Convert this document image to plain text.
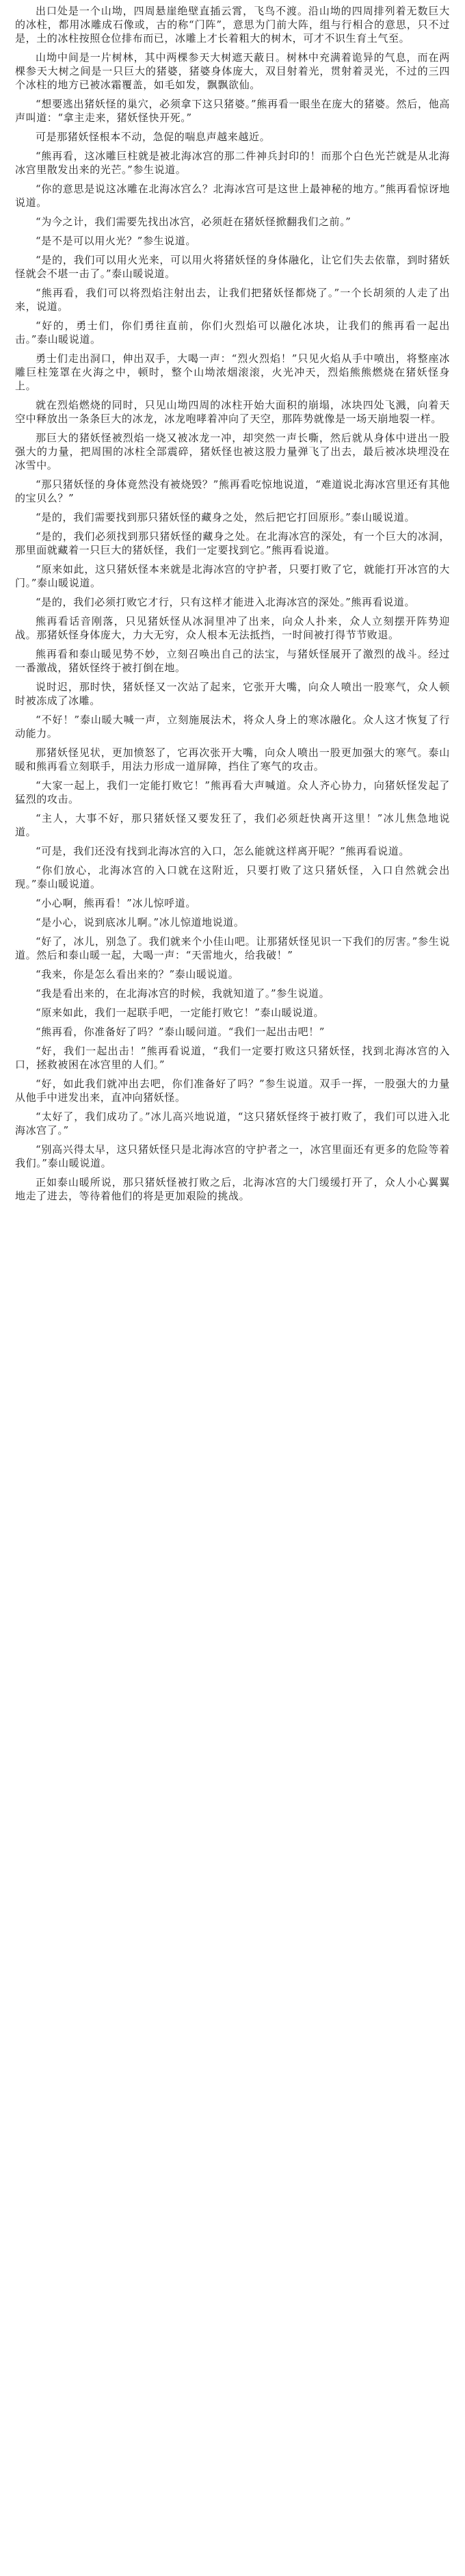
出口处是一个山坳，四周悬崖绝壁直插云霄，飞鸟不渡。沿山坳的四周排列着无数巨大的冰柱，都用冰雕成石像或，古的称“门阵”，意思为门前大阵，组与行相合的意思，只不过是，土的冰柱按照仓位排布而已，冰雕上才长着粗大的树木，可才不识生育土气至。

山坳中间是一片树林，其中两棵参天大树遮天蔽日。树林中充满着诡异的气息，而在两棵参天大树之间是一只巨大的猪婆，猪婆身体庞大，双目射着光，贯射着灵光，不过的三四个冰柱的地方已被冰霜覆盖，如毛如发，飘飘欲仙。

“想要逃出猪妖怪的巢穴，必须拿下这只猪婆。”熊再看一眼坐在庞大的猪婆。然后，他高声叫道：“拿主走来，猪妖怪快开死。”

可是那猪妖怪根本不动，急促的喘息声越来越近。

“熊再看，这冰雕巨柱就是被北海冰宫的那二件神兵封印的！而那个白色光芒就是从北海冰宫里散发出来的光芒。”参生说道。

“你的意思是说这冰雕在北海冰宫么？北海冰宫可是这世上最神秘的地方。”熊再看惊讶地说道。

“为今之计，我们需要先找出冰宫，必须赶在猪妖怪掀翻我们之前。”

“是不是可以用火光？”参生说道。

“是的，我们可以用火光来，可以用火将猪妖怪的身体融化，让它们失去依靠，到时猪妖怪就会不堪一击了。”泰山暖说道。

“熊再看，我们可以将烈焰注射出去，让我们把猪妖怪都烧了。”一个长胡须的人走了出来，说道。

“好的，勇士们，你们勇往直前，你们火烈焰可以融化冰块，让我们的熊再看一起出击。”泰山暖说道。

勇士们走出洞口，伸出双手，大喝一声：“烈火烈焰！”只见火焰从手中喷出，将整座冰雕巨柱笼罩在火海之中，顿时，整个山坳浓烟滚滚，火光冲天，烈焰熊熊燃烧在猪妖怪身上。

就在烈焰燃烧的同时，只见山坳四周的冰柱开始大面积的崩塌，冰块四处飞溅，向着天空中释放出一条条巨大的冰龙，冰龙咆哮着冲向了天空，那阵势就像是一场天崩地裂一样。

那巨大的猪妖怪被烈焰一烧又被冰龙一冲，却突然一声长嘶，然后就从身体中迸出一股强大的力量，把周围的冰柱全部震碎，猪妖怪也被这股力量弹飞了出去，最后被冰块埋没在冰雪中。

“那只猪妖怪的身体竟然没有被烧毁？”熊再看吃惊地说道，“难道说北海冰宫里还有其他的宝贝么？”

“是的，我们需要找到那只猪妖怪的藏身之处，然后把它打回原形。”泰山暖说道。

“是的，我们必须找到那只猪妖怪的藏身之处。在北海冰宫的深处，有一个巨大的冰洞，那里面就藏着一只巨大的猪妖怪，我们一定要找到它。”熊再看说道。

“原来如此，这只猪妖怪本来就是北海冰宫的守护者，只要打败了它，就能打开冰宫的大门。”泰山暖说道。

“是的，我们必须打败它才行，只有这样才能进入北海冰宫的深处。”熊再看说道。

熊再看话音刚落，只见猪妖怪从冰洞里冲了出来，向众人扑来，众人立刻摆开阵势迎战。那猪妖怪身体庞大，力大无穷，众人根本无法抵挡，一时间被打得节节败退。

熊再看和泰山暖见势不妙，立刻召唤出自己的法宝，与猪妖怪展开了激烈的战斗。经过一番激战，猪妖怪终于被打倒在地。

说时迟，那时快，猪妖怪又一次站了起来，它张开大嘴，向众人喷出一股寒气，众人顿时被冻成了冰雕。

“不好！”泰山暖大喊一声，立刻施展法术，将众人身上的寒冰融化。众人这才恢复了行动能力。

那猪妖怪见状，更加愤怒了，它再次张开大嘴，向众人喷出一股更加强大的寒气。泰山暖和熊再看立刻联手，用法力形成一道屏障，挡住了寒气的攻击。

“大家一起上，我们一定能打败它！”熊再看大声喊道。众人齐心协力，向猪妖怪发起了猛烈的攻击。

“主人，大事不好，那只猪妖怪又要发狂了，我们必须赶快离开这里！”冰儿焦急地说道。

“可是，我们还没有找到北海冰宫的入口，怎么能就这样离开呢？”熊再看说道。

“你们放心，北海冰宫的入口就在这附近，只要打败了这只猪妖怪，入口自然就会出现。”泰山暖说道。

“小心啊，熊再看！”冰儿惊呼道。

“是小心，说到底冰儿啊。”冰儿惊道地说道。

“好了，冰儿，别急了。我们就来个小佳山吧。让那猪妖怪见识一下我们的厉害。”参生说道。然后和泰山暖一起，大喝一声：“天雷地火，给我破！”

“我来，你是怎么看出来的？”泰山暖说道。

“我是看出来的，在北海冰宫的时候，我就知道了。”参生说道。

“原来如此，我们一起联手吧，一定能打败它！”泰山暖说道。

“熊再看，你准备好了吗？”泰山暖问道。“我们一起出击吧！”

“好，我们一起出击！”熊再看说道，“我们一定要打败这只猪妖怪，找到北海冰宫的入口，拯救被困在冰宫里的人们。”

“好，如此我们就冲出去吧，你们准备好了吗？”参生说道。双手一挥，一股强大的力量从他手中迸发出来，直冲向猪妖怪。

“太好了，我们成功了。”冰儿高兴地说道，“这只猪妖怪终于被打败了，我们可以进入北海冰宫了。”

“别高兴得太早，这只猪妖怪只是北海冰宫的守护者之一，冰宫里面还有更多的危险等着我们。”泰山暖说道。

正如泰山暖所说，那只猪妖怪被打败之后，北海冰宫的大门缓缓打开了，众人小心翼翼地走了进去，等待着他们的将是更加艰险的挑战。
